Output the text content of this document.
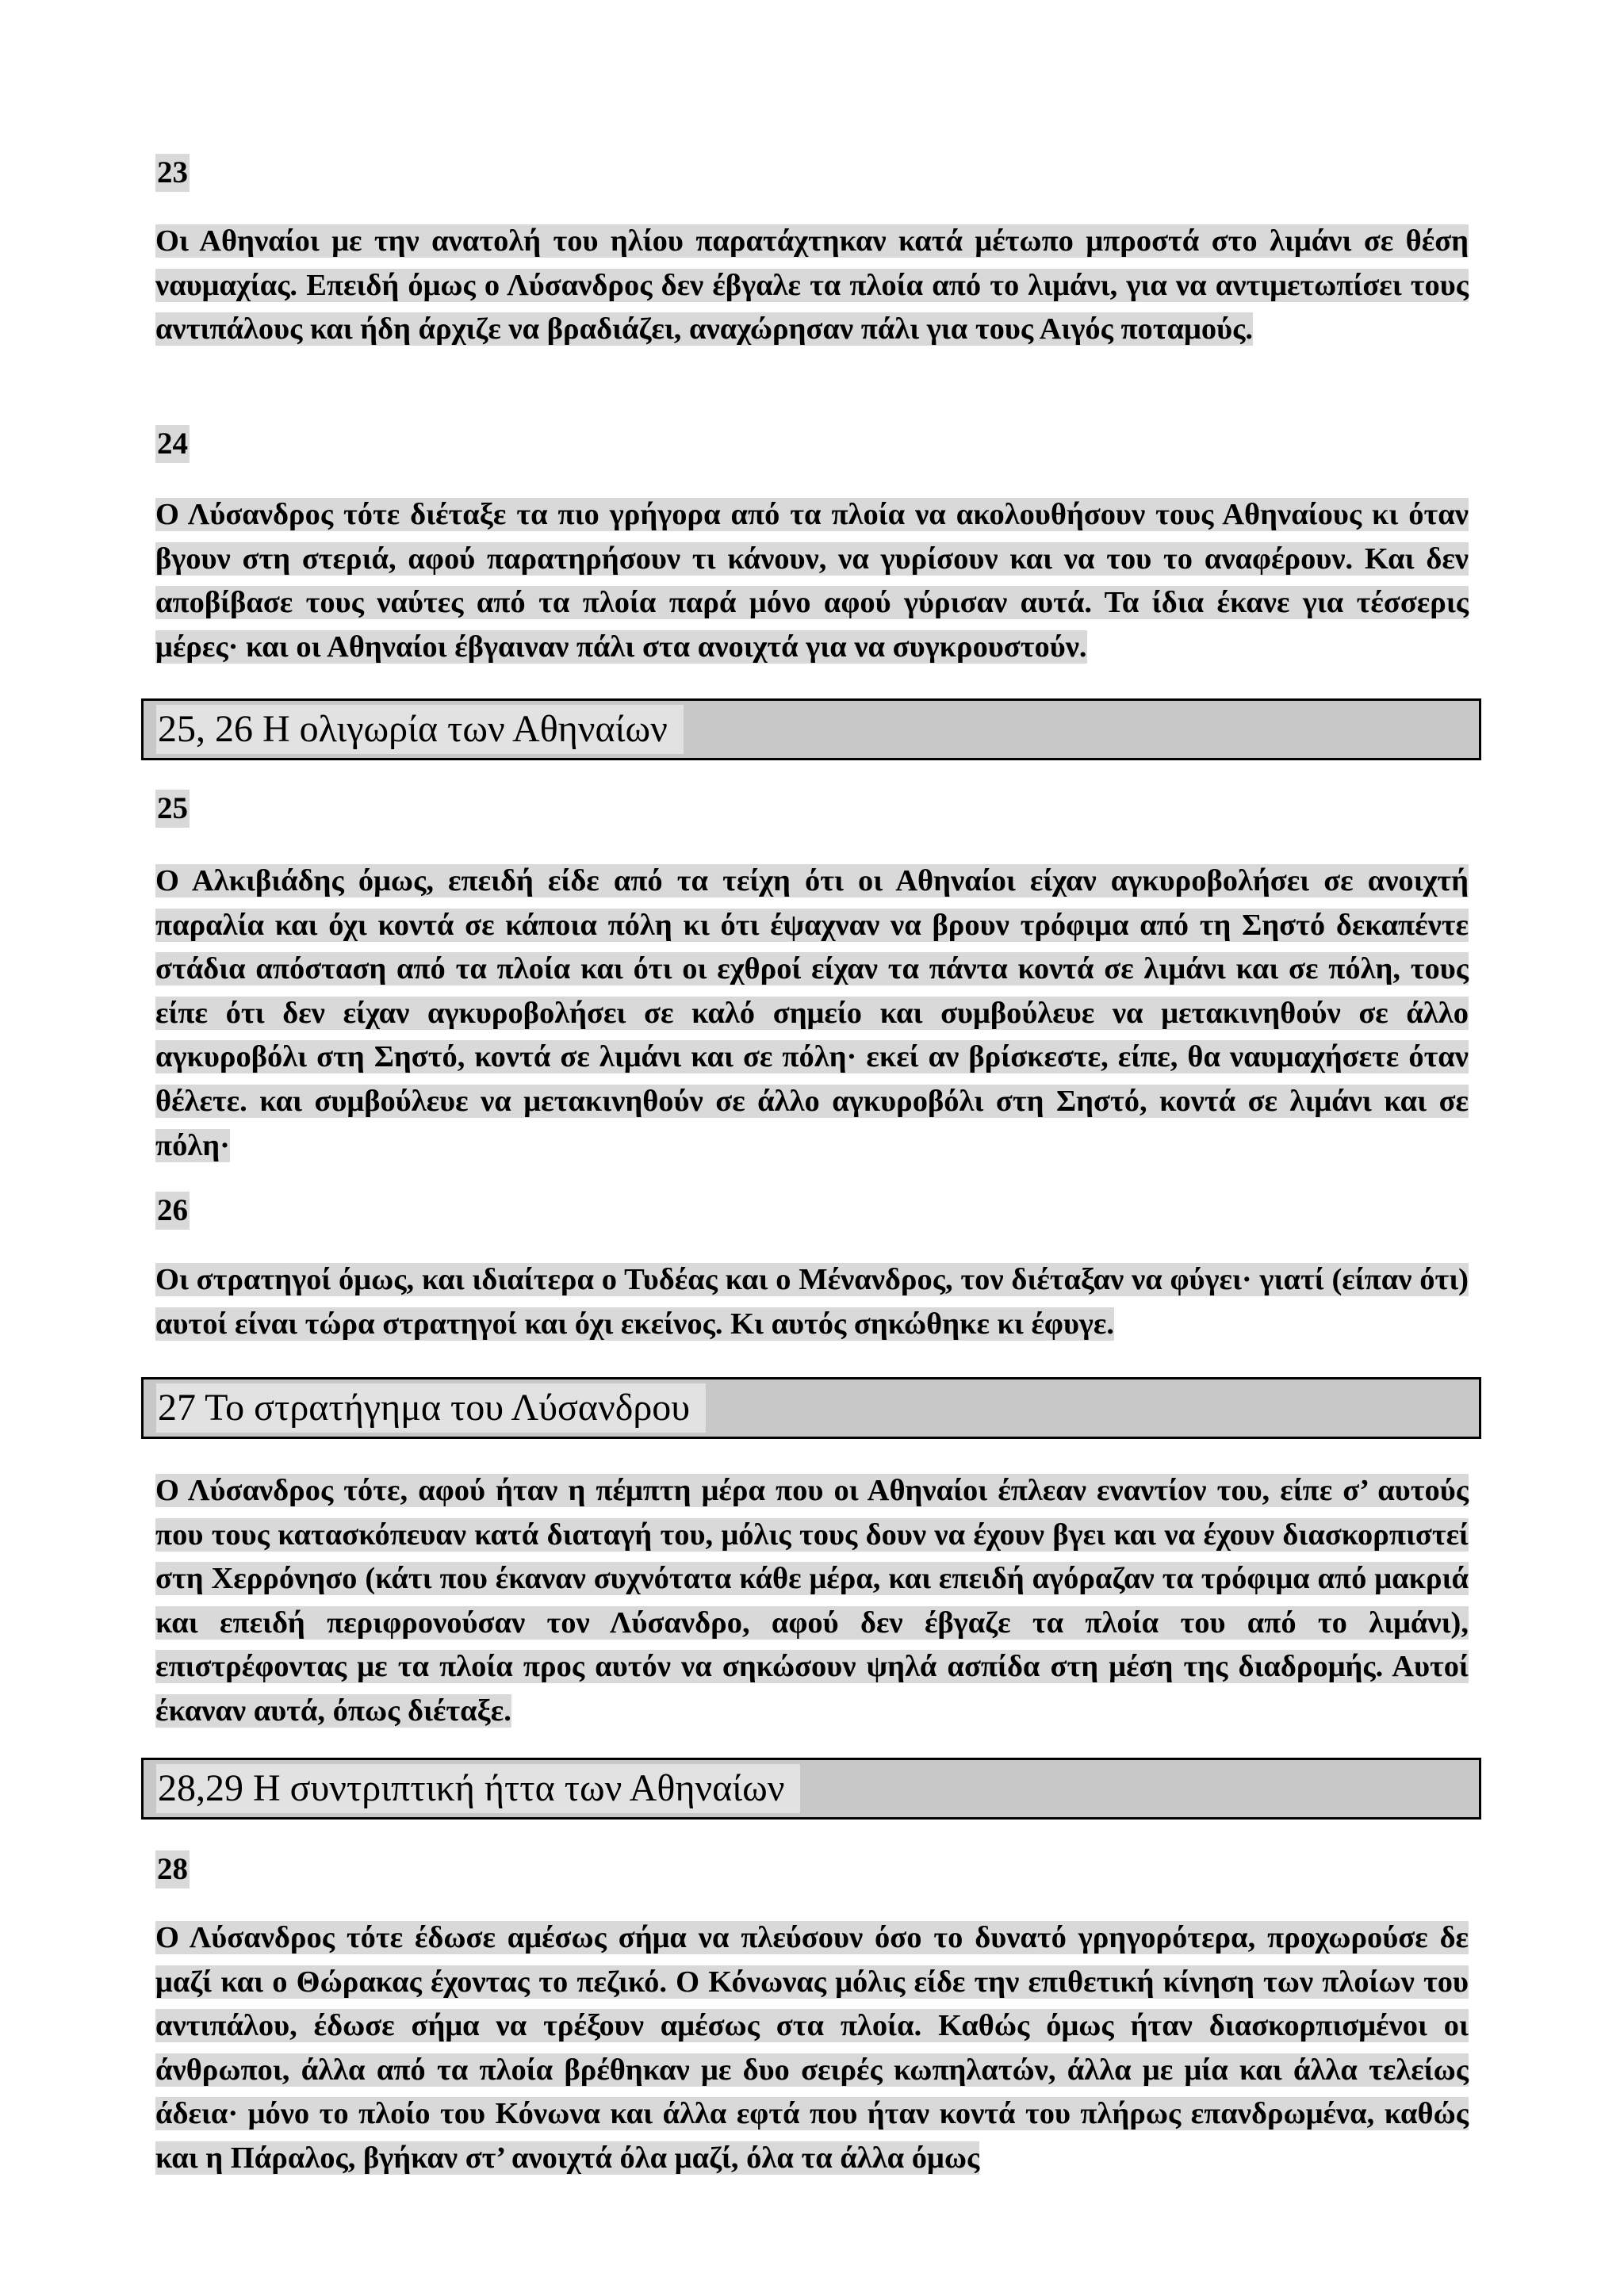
23
Οι Αθηναίοι με την ανατολή του ηλίου παρατάχτηκαν κατά μέτωπο μπροστά στο λιμάνι σε θέση ναυμαχίας. Επειδή όμως ο Λύσανδρος δεν έβγαλε τα πλοία από το λιμάνι, για να αντιμετωπίσει τους αντιπάλους και ήδη άρχιζε να βραδιάζει, αναχώρησαν πάλι για τους Αιγός ποταμούς.
24
Ο Λύσανδρος τότε διέταξε τα πιο γρήγορα από τα πλοία να ακολουθήσουν τους Αθηναίους κι όταν βγουν στη στεριά, αφού παρατηρήσουν τι κάνουν, να γυρίσουν και να του το αναφέρουν. Και δεν αποβίβασε τους ναύτες από τα πλοία παρά μόνο αφού γύρισαν αυτά. Τα ίδια έκανε για τέσσερις μέρες· και οι Αθηναίοι έβγαιναν πάλι στα ανοιχτά για να συγκρουστούν.
25, 26 Η ολιγωρία των Αθηναίων
25
Ο Αλκιβιάδης όμως, επειδή είδε από τα τείχη ότι οι Αθηναίοι είχαν αγκυροβολήσει σε ανοιχτή παραλία και όχι κοντά σε κάποια πόλη κι ότι έψαχναν να βρουν τρόφιμα από τη Σηστό δεκαπέντε στάδια απόσταση από τα πλοία και ότι οι εχθροί είχαν τα πάντα κοντά σε λιμάνι και σε πόλη, τους είπε ότι δεν είχαν αγκυροβολήσει σε καλό σημείο και συμβούλευε να μετακινηθούν σε άλλο αγκυροβόλι στη Σηστό, κοντά σε λιμάνι και σε πόλη· εκεί αν βρίσκεστε, είπε, θα ναυμαχήσετε όταν θέλετε. και συμβούλευε να μετακινηθούν σε άλλο αγκυροβόλι στη Σηστό, κοντά σε λιμάνι και σε πόλη·
26
Οι στρατηγοί όμως, και ιδιαίτερα ο Τυδέας και ο Μένανδρος, τον διέταξαν να φύγει· γιατί (είπαν ότι) αυτοί είναι τώρα στρατηγοί και όχι εκείνος. Κι αυτός σηκώθηκε κι έφυγε.
27 Το στρατήγημα του Λύσανδρου
Ο Λύσανδρος τότε, αφού ήταν η πέμπτη μέρα που οι Αθηναίοι έπλεαν εναντίον του, είπε σ’ αυτούς που τους κατασκόπευαν κατά διαταγή του, μόλις τους δουν να έχουν βγει και να έχουν διασκορπιστεί στη Χερρόνησο (κάτι που έκαναν συχνότατα κάθε μέρα, και επειδή αγόραζαν τα τρόφιμα από μακριά και επειδή περιφρονούσαν τον Λύσανδρο, αφού δεν έβγαζε τα πλοία του από το λιμάνι), επιστρέφοντας με τα πλοία προς αυτόν να σηκώσουν ψηλά ασπίδα στη μέση της διαδρομής. Αυτοί έκαναν αυτά, όπως διέταξε.
28,29 Η συντριπτική ήττα των Αθηναίων
28
Ο Λύσανδρος τότε έδωσε αμέσως σήμα να πλεύσουν όσο το δυνατό γρηγορότερα, προχωρούσε δε μαζί και ο Θώρακας έχοντας το πεζικό. Ο Κόνωνας μόλις είδε την επιθετική κίνηση των πλοίων του αντιπάλου, έδωσε σήμα να τρέξουν αμέσως στα πλοία. Καθώς όμως ήταν διασκορπισμένοι οι άνθρωποι, άλλα από τα πλοία βρέθηκαν με δυο σειρές κωπηλατών, άλλα με μία και άλλα τελείως άδεια· μόνο το πλοίο του Κόνωνα και άλλα εφτά που ήταν κοντά του πλήρως επανδρωμένα, καθώς και η Πάραλος, βγήκαν στ’ ανοιχτά όλα μαζί, όλα τα άλλα όμως
